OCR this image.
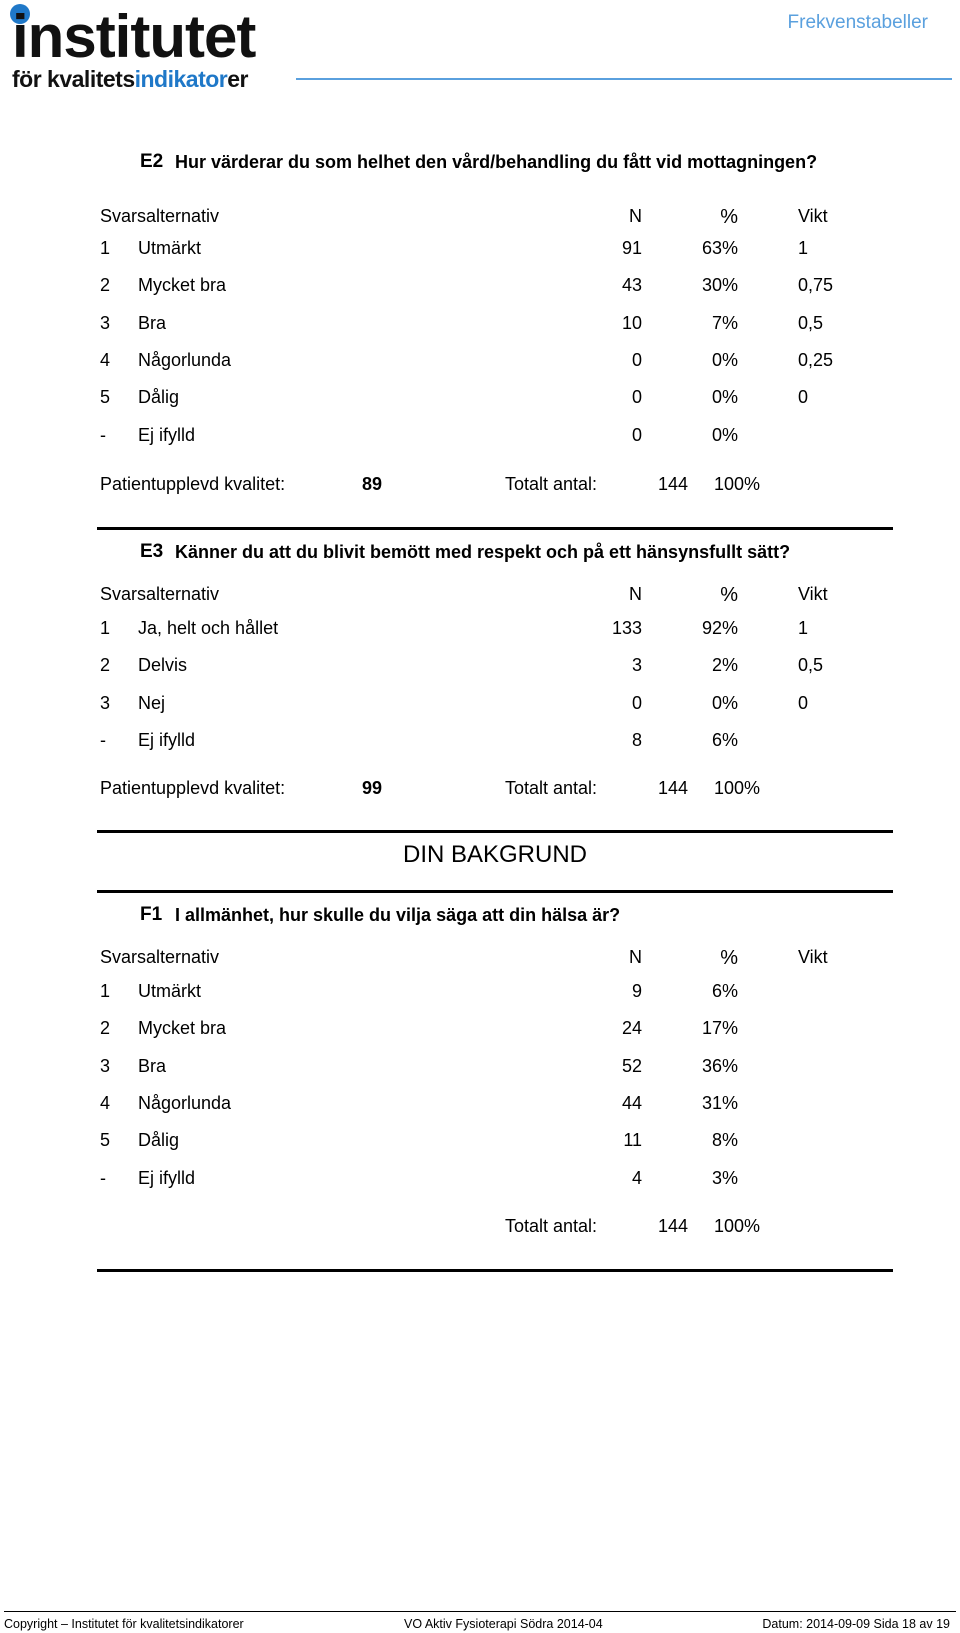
institutet
för kvalitetsindikatorer
Frekvenstabeller
E2 Hur värderar du som helhet den vård/behandling du fått vid mottagningen?
Svarsalternativ	N	%	Vikt
1	Utmärkt	91	63%	1
2	Mycket bra	43	30%	0,75
3	Bra	10	7%	0,5
4	Någorlunda	0	0%	0,25
5	Dålig	0	0%	0
-	Ej ifylld	0	0%
Patientupplevd kvalitet:	89	Totalt antal:	144 100%
E3 Känner du att du blivit bemött med respekt och på ett hänsynsfullt sätt?
Svarsalternativ	N	%	Vikt
1	Ja, helt och hållet	133	92%	1
2	Delvis	3	2%	0,5
3	Nej	0	0%	0
-	Ej ifylld	8	6%
Patientupplevd kvalitet:	99	Totalt antal:	144 100%
DIN BAKGRUND
F1 I allmänhet, hur skulle du vilja säga att din hälsa är?
Svarsalternativ	N	%	Vikt
1	Utmärkt	9	6%
2	Mycket bra	24	17%
3	Bra	52	36%
4	Någorlunda	44	31%
5	Dålig	11	8%
-	Ej ifylld	4	3%
Totalt antal:	144 100%
Copyright – Institutet för kvalitetsindikatorer	VO Aktiv Fysioterapi Södra 2014-04	Datum: 2014-09-09 Sida 18 av 19
